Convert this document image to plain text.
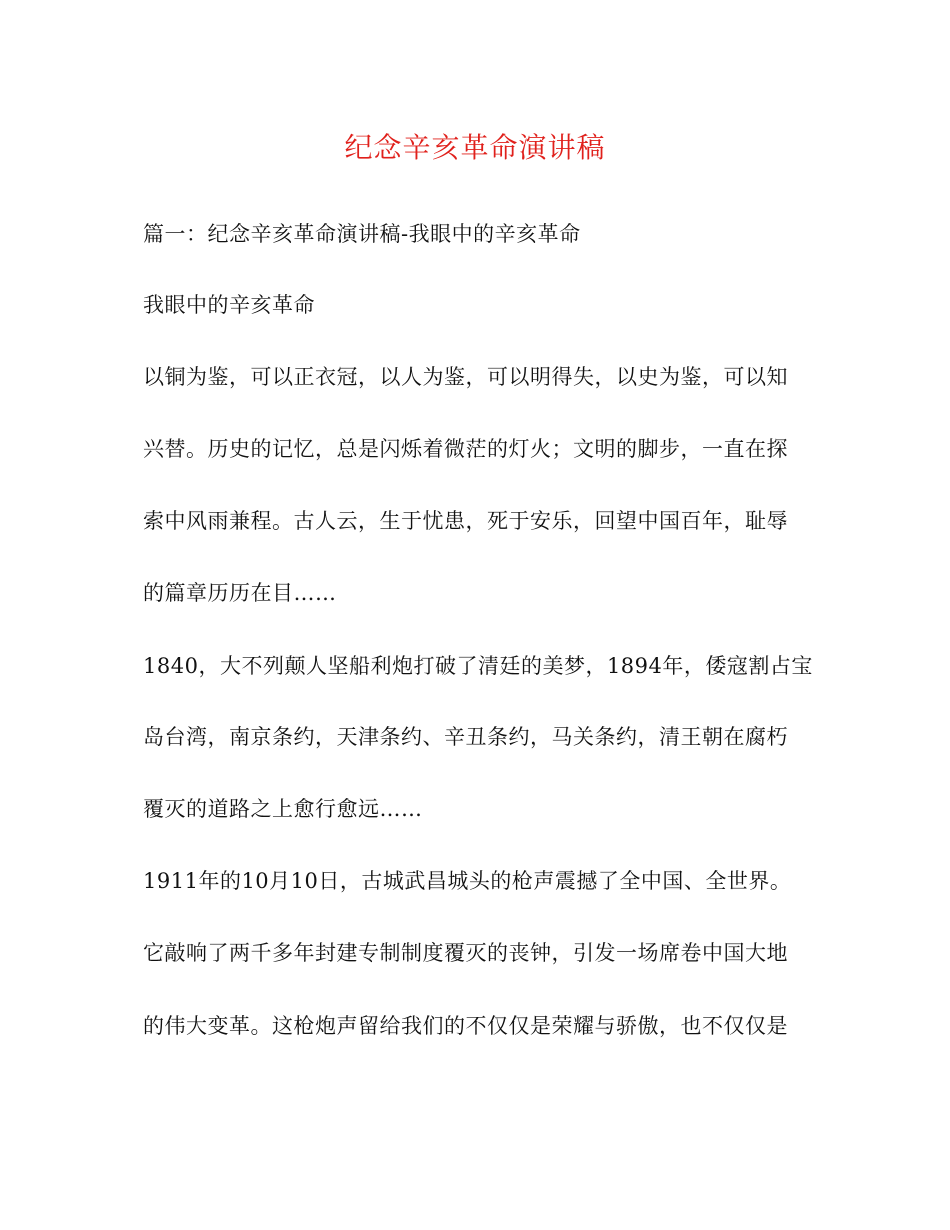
纪念辛亥革命演讲稿
篇一：纪念辛亥革命演讲稿-我眼中的辛亥革命
我眼中的辛亥革命
以铜为鉴，可以正衣冠，以人为鉴，可以明得失，以史为鉴，可以知
兴替。历史的记忆，总是闪烁着微茫的灯火；文明的脚步，一直在探
索中风雨兼程。古人云，生于忧患，死于安乐，回望中国百年，耻辱
的篇章历历在目……
1840，大不列颠人坚船利炮打破了清廷的美梦，1894年，倭寇割占宝
岛台湾，南京条约，天津条约、辛丑条约，马关条约，清王朝在腐朽
覆灭的道路之上愈行愈远……
1911年的10月10日，古城武昌城头的枪声震撼了全中国、全世界。
它敲响了两千多年封建专制制度覆灭的丧钟，引发一场席卷中国大地
的伟大变革。这枪炮声留给我们的不仅仅是荣耀与骄傲，也不仅仅是
